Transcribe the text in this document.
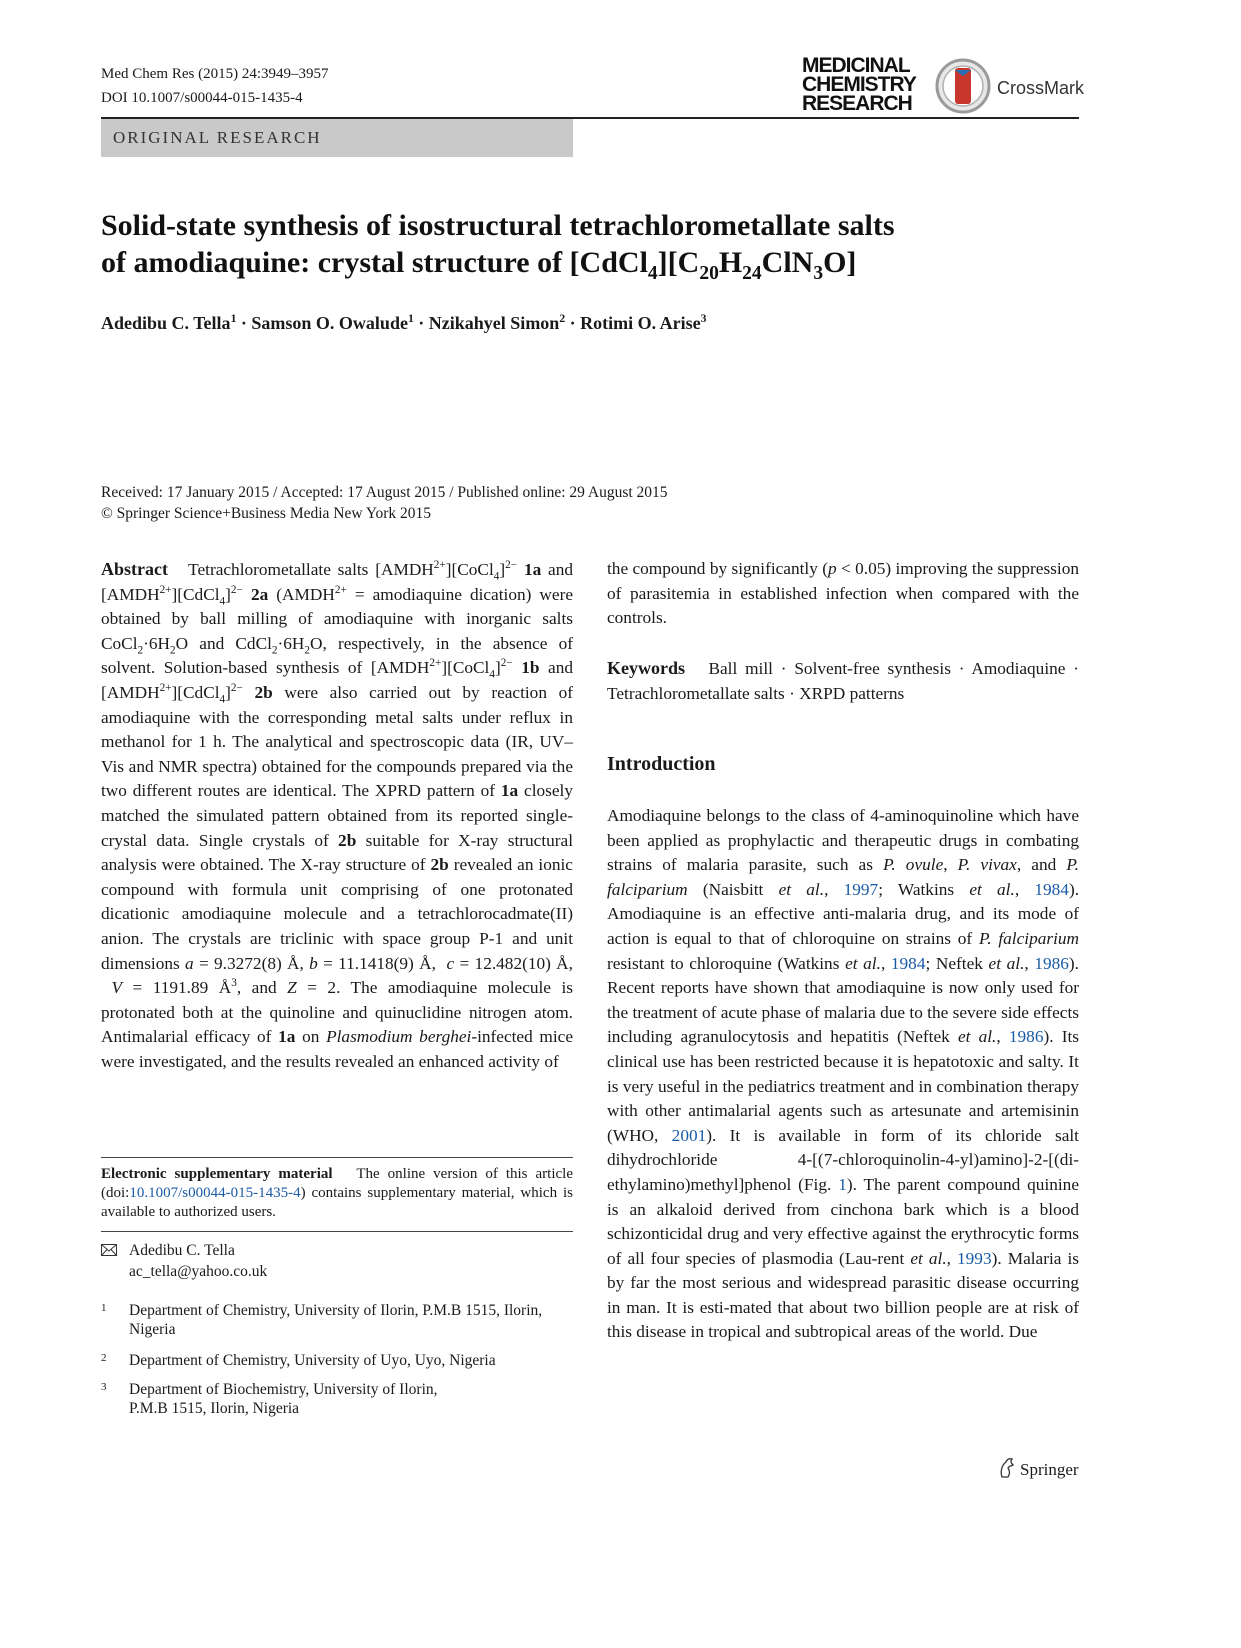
Med Chem Res (2015) 24:3949–3957
DOI 10.1007/s00044-015-1435-4
MEDICINAL
CHEMISTRY
RESEARCH
CrossMark
ORIGINAL RESEARCH
Solid-state synthesis of isostructural tetrachlorometallate salts
of amodiaquine: crystal structure of $[CdCl_4][C_{20}H_{24}ClN_3O]$
Adedibu C. Tella$^1$ · Samson O. Owalude$^1$ · Nzikahyel Simon$^2$ · Rotimi O. Arise$^3$
Received: 17 January 2015 / Accepted: 17 August 2015 / Published online: 29 August 2015
© Springer Science+Business Media New York 2015

Abstract   Tetrachlorometallate salts $[AMDH^{2+}][CoCl_4]^{2-}$ 1a and $[AMDH^{2+}][CdCl_4]^{2-}$ 2a ($AMDH^{2+}$ = amodiaquine dication) were obtained by ball milling of amodiaquine with inorganic salts $CoCl_2\cdot 6H_2O$ and $CdCl_2\cdot 6H_2O$, respectively, in the absence of solvent. Solution-based synthesis of $[AMDH^{2+}][CoCl_4]^{2-}$ 1b and $[AMDH^{2+}][CdCl_4]^{2-}$ 2b were also carried out by reaction of amodiaquine with the corresponding metal salts under reflux in methanol for 1 h. The analytical and spectroscopic data (IR, UV–Vis and NMR spectra) obtained for the compounds prepared via the two different routes are identical. The XPRD pattern of 1a closely matched the simulated pattern obtained from its reported single-crystal data. Single crystals of 2b suitable for X-ray structural analysis were obtained. The X-ray structure of 2b revealed an ionic compound with formula unit comprising of one protonated dicationic amodiaquine molecule and a tetrachlorocadmate(II) anion. The crystals are triclinic with space group P-1 and unit dimensions a = 9.3272(8) Å, b = 11.1418(9) Å,  c = 12.482(10) Å,  V = 1191.89 $Å^3$, and Z = 2. The amodiaquine molecule is protonated both at the quinoline and quinuclidine nitrogen atom. Antimalarial efficacy of 1a on Plasmodium berghei-infected mice were investigated, and the results revealed an enhanced activity of

Electronic supplementary material   The online version of this article (doi:10.1007/s00044-015-1435-4) contains supplementary material, which is available to authorized users.
Adedibu C. Tella
ac_tella@yahoo.co.uk
1 Department of Chemistry, University of Ilorin, P.M.B 1515, Ilorin, Nigeria
2 Department of Chemistry, University of Uyo, Uyo, Nigeria
3 Department of Biochemistry, University of Ilorin, P.M.B 1515, Ilorin, Nigeria

the compound by significantly (p < 0.05) improving the suppression of parasitemia in established infection when compared with the controls.

Keywords Ball mill · Solvent-free synthesis · Amodiaquine · Tetrachlorometallate salts · XRPD patterns

Introduction

Amodiaquine belongs to the class of 4-aminoquinoline which have been applied as prophylactic and therapeutic drugs in combating strains of malaria parasite, such as P. ovule, P. vivax, and P. falciparium (Naisbitt et al., 1997; Watkins et al., 1984). Amodiaquine is an effective anti-malaria drug, and its mode of action is equal to that of chloroquine on strains of P. falciparium resistant to chloroquine (Watkins et al., 1984; Neftek et al., 1986). Recent reports have shown that amodiaquine is now only used for the treatment of acute phase of malaria due to the severe side effects including agranulocytosis and hepatitis (Neftek et al., 1986). Its clinical use has been restricted because it is hepatotoxic and salty. It is very useful in the pediatrics treatment and in combination therapy with other antimalarial agents such as artesunate and artemisinin (WHO, 2001). It is available in form of its chloride salt dihydrochloride    4-[(7-chloroquinolin-4-yl)amino]-2-[(di-ethylamino)methyl]phenol (Fig. 1). The parent compound quinine is an alkaloid derived from cinchona bark which is a blood schizonticidal drug and very effective against the erythrocytic forms of all four species of plasmodia (Lau-rent et al., 1993). Malaria is by far the most serious and widespread parasitic disease occurring in man. It is esti-mated that about two billion people are at risk of this disease in tropical and subtropical areas of the world. Due

Springer
